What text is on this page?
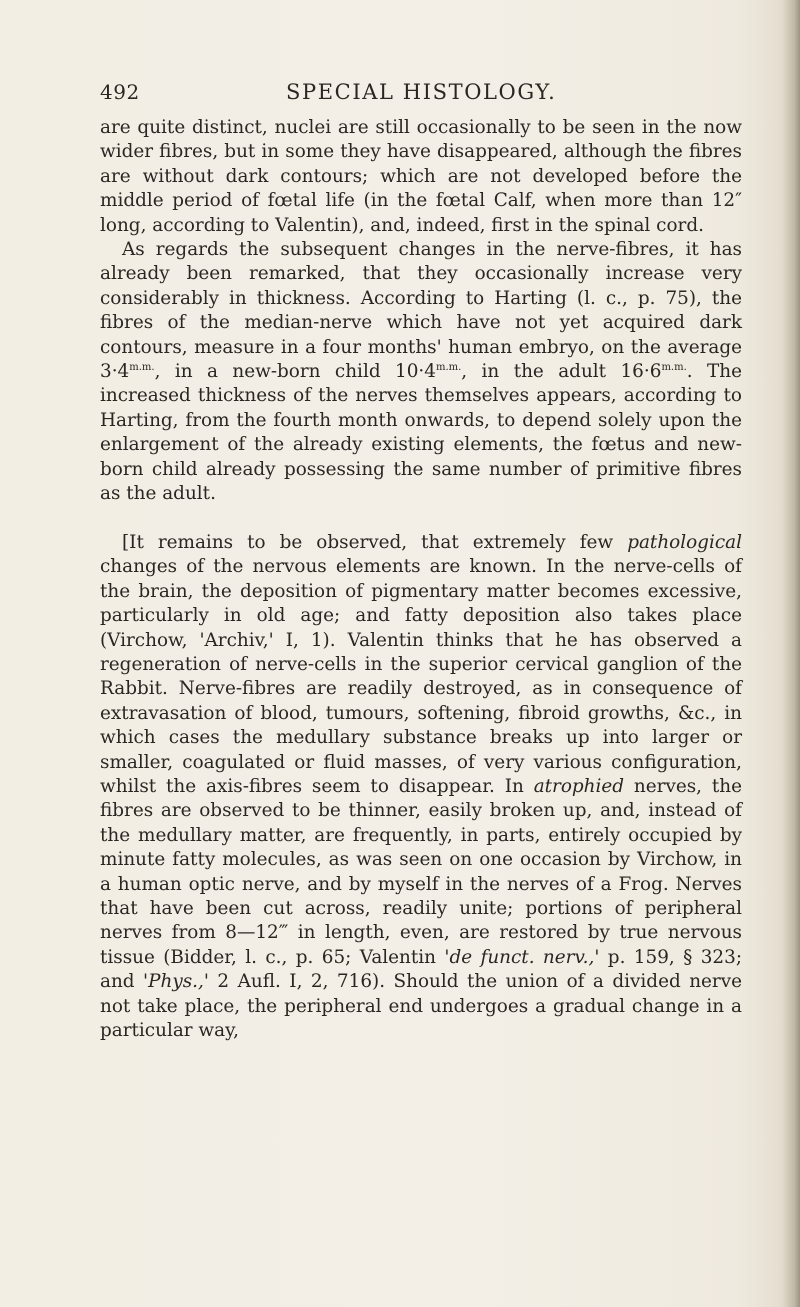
492	SPECIAL HISTOLOGY.

are quite distinct, nuclei are still occasionally to be seen in the now wider fibres, but in some they have disappeared, although the fibres are without dark contours; which are not developed before the middle period of fœtal life (in the fœtal Calf, when more than 12″ long, according to Valentin), and, indeed, first in the spinal cord.

As regards the subsequent changes in the nerve-fibres, it has already been remarked, that they occasionally increase very considerably in thickness. According to Harting (l. c., p. 75), the fibres of the median-nerve which have not yet acquired dark contours, measure in a four months' human embryo, on the average $3\cdot 4^{m.m.}$, in a new-born child $10\cdot 4^{m.m.}$, in the adult $16\cdot 6^{m.m.}$. The increased thickness of the nerves themselves appears, according to Harting, from the fourth month onwards, to depend solely upon the enlargement of the already existing elements, the fœtus and new-born child already possessing the same number of primitive fibres as the adult.

[It remains to be observed, that extremely few pathological changes of the nervous elements are known. In the nerve-cells of the brain, the deposition of pigmentary matter becomes excessive, particularly in old age; and fatty deposition also takes place (Virchow, 'Archiv,' I, 1). Valentin thinks that he has observed a regeneration of nerve-cells in the superior cervical ganglion of the Rabbit. Nerve-fibres are readily destroyed, as in consequence of extravasation of blood, tumours, softening, fibroid growths, &c., in which cases the medullary substance breaks up into larger or smaller, coagulated or fluid masses, of very various configuration, whilst the axis-fibres seem to disappear. In atrophied nerves, the fibres are observed to be thinner, easily broken up, and, instead of the medullary matter, are frequently, in parts, entirely occupied by minute fatty molecules, as was seen on one occasion by Virchow, in a human optic nerve, and by myself in the nerves of a Frog. Nerves that have been cut across, readily unite; portions of peripheral nerves from 8—12‴ in length, even, are restored by true nervous tissue (Bidder, l. c., p. 65; Valentin 'de funct. nerv.,' p. 159, § 323; and 'Phys.,' 2 Aufl. I, 2, 716). Should the union of a divided nerve not take place, the peripheral end undergoes a gradual change in a particular way,
